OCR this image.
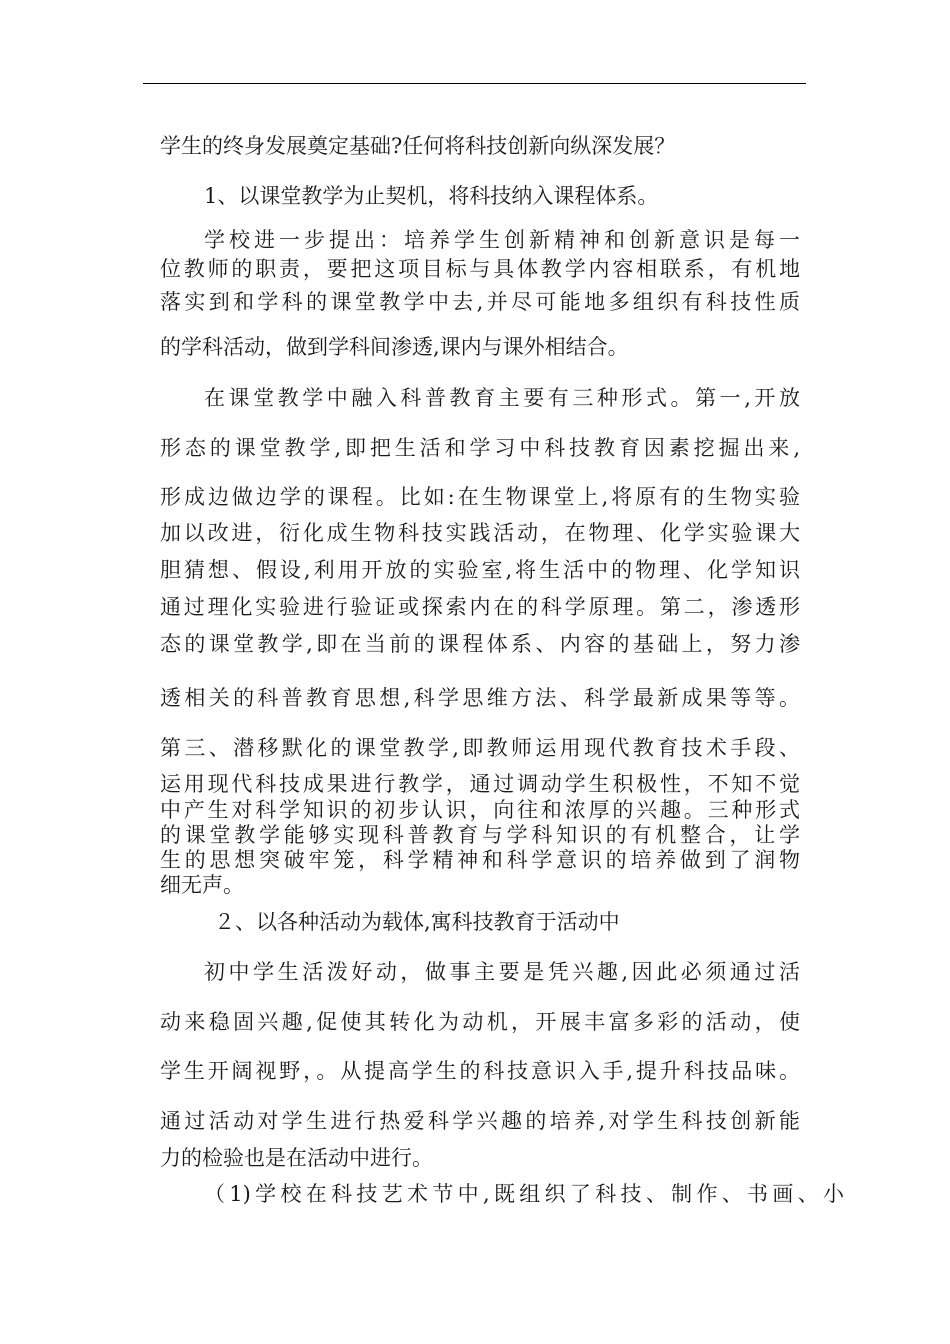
学生的终身发展奠定基础?任何将科技创新向纵深发展？

1、以课堂教学为止契机，将科技纳入课程体系。

学校进一步提出：培养学生创新精神和创新意识是每一

位教师的职责，要把这项目标与具体教学内容相联系，有机地

落实到和学科的课堂教学中去,并尽可能地多组织有科技性质

的学科活动，做到学科间渗透,课内与课外相结合。

在课堂教学中融入科普教育主要有三种形式。第一,开放

形态的课堂教学,即把生活和学习中科技教育因素挖掘出来,

形成边做边学的课程。比如:在生物课堂上,将原有的生物实验

加以改进，衍化成生物科技实践活动，在物理、化学实验课大

胆猜想、假设,利用开放的实验室,将生活中的物理、化学知识

通过理化实验进行验证或探索内在的科学原理。第二，渗透形

态的课堂教学,即在当前的课程体系、内容的基础上，努力渗

透相关的科普教育思想,科学思维方法、科学最新成果等等。

第三、潜移默化的课堂教学,即教师运用现代教育技术手段、

运用现代科技成果进行教学，通过调动学生积极性，不知不觉

中产生对科学知识的初步认识，向往和浓厚的兴趣。三种形式

的课堂教学能够实现科普教育与学科知识的有机整合，让学

生的思想突破牢笼，科学精神和科学意识的培养做到了润物

细无声。

２、以各种活动为载体,寓科技教育于活动中

初中学生活泼好动，做事主要是凭兴趣,因此必须通过活

动来稳固兴趣,促使其转化为动机，开展丰富多彩的活动，使

学生开阔视野，。从提高学生的科技意识入手,提升科技品味。

通过活动对学生进行热爱科学兴趣的培养,对学生科技创新能

力的检验也是在活动中进行。

（1)学校在科技艺术节中,既组织了科技、制作、书画、小
